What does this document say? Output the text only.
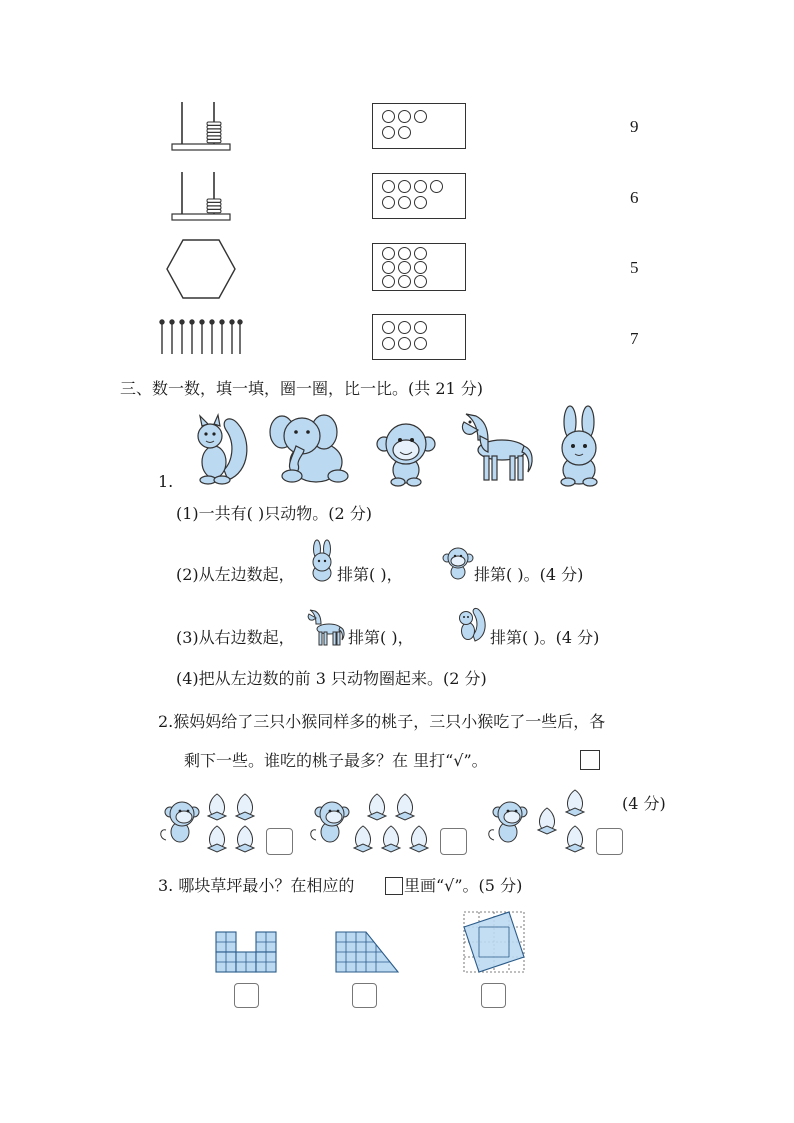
9
6
5
7
三、数一数，填一填，圈一圈，比一比。(共 21 分)
1.
(1)一共有( )只动物。(2 分)
(2)从左边数起，	排第( )，	排第( )。(4 分)
(3)从右边数起，	排第( )，	排第( )。(4 分)
(4)把从左边数的前 3 只动物圈起来。(2 分)
2.猴妈妈给了三只小猴同样多的桃子，三只小猴吃了一些后，各
剩下一些。谁吃的桃子最多？在 里打“√”。
(4 分)
3. 哪块草坪最小？在相应的	里画“√”。(5 分)
